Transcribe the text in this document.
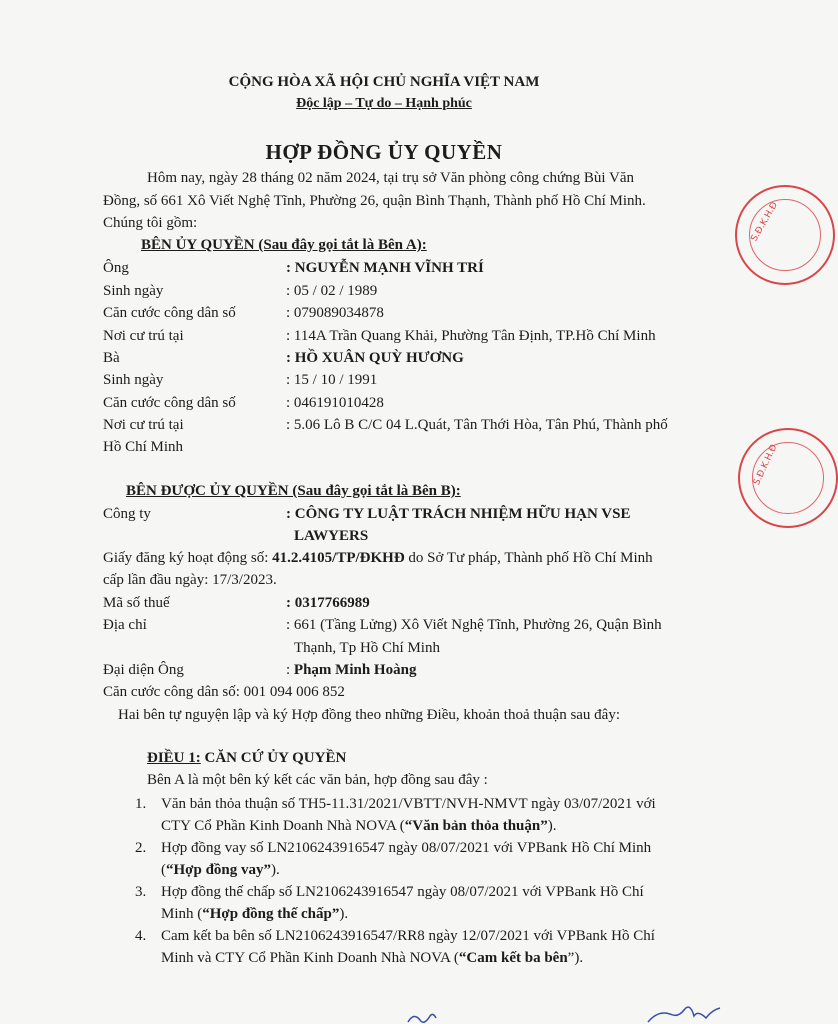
CỘNG HÒA XÃ HỘI CHỦ NGHĨA VIỆT NAM
Độc lập – Tự do – Hạnh phúc
HỢP ĐỒNG ỦY QUYỀN
Hôm nay, ngày 28 tháng 02 năm 2024, tại trụ sở Văn phòng công chứng Bùi Văn
Đồng, số 661 Xô Viết Nghệ Tĩnh, Phường 26, quận Bình Thạnh, Thành phố Hồ Chí Minh.
Chúng tôi gồm:
BÊN ỦY QUYỀN (Sau đây gọi tắt là Bên A):
Ông	: NGUYỄN MẠNH VĨNH TRÍ
Sinh ngày	: 05 / 02 / 1989
Căn cước công dân số	: 079089034878
Nơi cư trú tại	: 114A Trần Quang Khải, Phường Tân Định, TP.Hồ Chí Minh
Bà	: HỒ XUÂN QUỲ HƯƠNG
Sinh ngày	: 15 / 10 / 1991
Căn cước công dân số	: 046191010428
Nơi cư trú tại	: 5.06 Lô B C/C 04 L.Quát, Tân Thới Hòa, Tân Phú, Thành phố
Hồ Chí Minh
BÊN ĐƯỢC ỦY QUYỀN (Sau đây gọi tắt là Bên B):
Công ty	: CÔNG TY LUẬT TRÁCH NHIỆM HỮU HẠN VSE
LAWYERS
Giấy đăng ký hoạt động số: 41.2.4105/TP/ĐKHĐ do Sở Tư pháp, Thành phố Hồ Chí Minh
cấp lần đầu ngày: 17/3/2023.
Mã số thuế	: 0317766989
Địa chỉ	: 661 (Tầng Lửng) Xô Viết Nghệ Tĩnh, Phường 26, Quận Bình
Thạnh, Tp Hồ Chí Minh
Đại diện Ông	: Phạm Minh Hoàng
Căn cước công dân số: 001 094 006 852
Hai bên tự nguyện lập và ký Hợp đồng theo những Điều, khoản thoả thuận sau đây:
ĐIỀU 1: CĂN CỨ ỦY QUYỀN
Bên A là một bên ký kết các văn bản, hợp đồng sau đây :
1. Văn bản thỏa thuận số TH5-11.31/2021/VBTT/NVH-NMVT ngày 03/07/2021 với
CTY Cổ Phần Kinh Doanh Nhà NOVA (“Văn bản thỏa thuận”).
2. Hợp đồng vay số LN2106243916547 ngày 08/07/2021 với VPBank Hồ Chí Minh
(“Hợp đồng vay”).
3. Hợp đồng thế chấp số LN2106243916547 ngày 08/07/2021 với VPBank Hồ Chí
Minh (“Hợp đồng thế chấp”).
4. Cam kết ba bên số LN2106243916547/RR8 ngày 12/07/2021 với VPBank Hồ Chí
Minh và CTY Cổ Phần Kinh Doanh Nhà NOVA (“Cam kết ba bên”).
S.Đ.K.H.Đ
S.Đ.K.H.Đ
